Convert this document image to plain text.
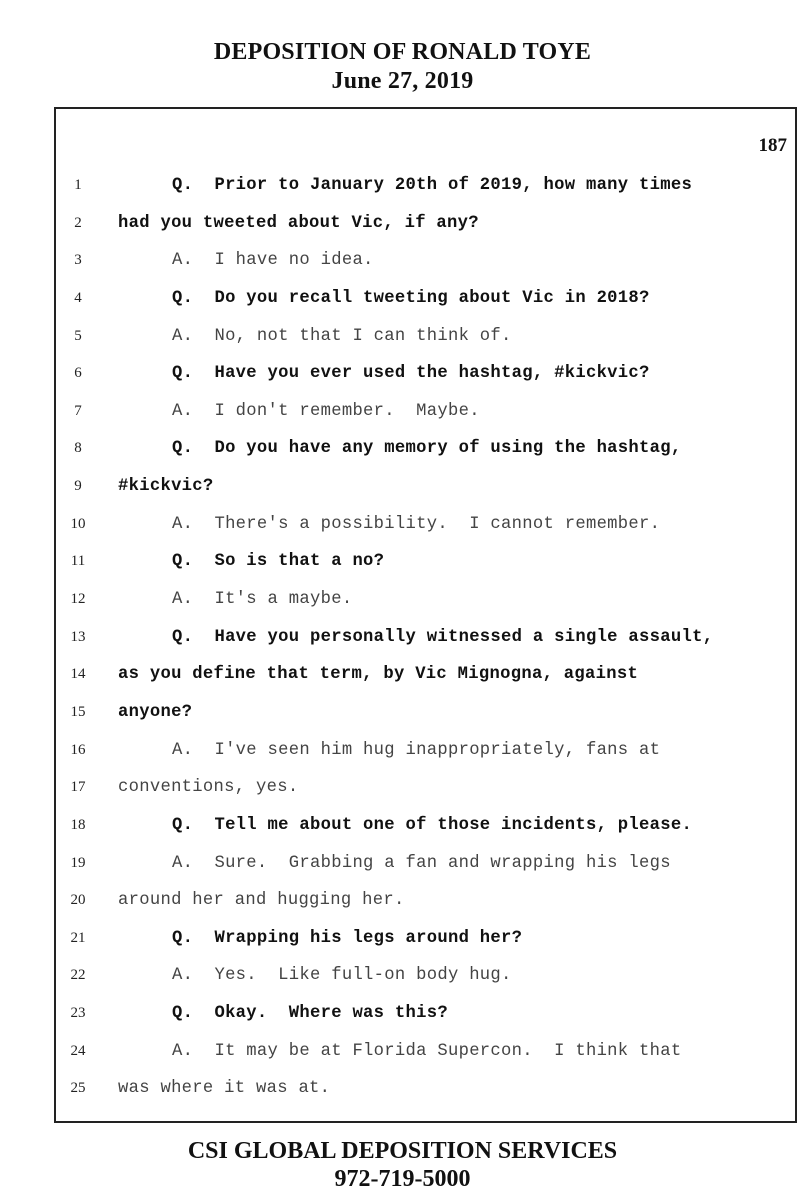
DEPOSITION OF RONALD TOYE
June 27, 2019
187
1	Q.  Prior to January 20th of 2019, how many times
2	had you tweeted about Vic, if any?
3	A.  I have no idea.
4	Q.  Do you recall tweeting about Vic in 2018?
5	A.  No, not that I can think of.
6	Q.  Have you ever used the hashtag, #kickvic?
7	A.  I don't remember.  Maybe.
8	Q.  Do you have any memory of using the hashtag,
9	#kickvic?
10	A.  There's a possibility.  I cannot remember.
11	Q.  So is that a no?
12	A.  It's a maybe.
13	Q.  Have you personally witnessed a single assault,
14	as you define that term, by Vic Mignogna, against
15	anyone?
16	A.  I've seen him hug inappropriately, fans at
17	conventions, yes.
18	Q.  Tell me about one of those incidents, please.
19	A.  Sure.  Grabbing a fan and wrapping his legs
20	around her and hugging her.
21	Q.  Wrapping his legs around her?
22	A.  Yes.  Like full-on body hug.
23	Q.  Okay.  Where was this?
24	A.  It may be at Florida Supercon.  I think that
25	was where it was at.
CSI GLOBAL DEPOSITION SERVICES
972-719-5000
